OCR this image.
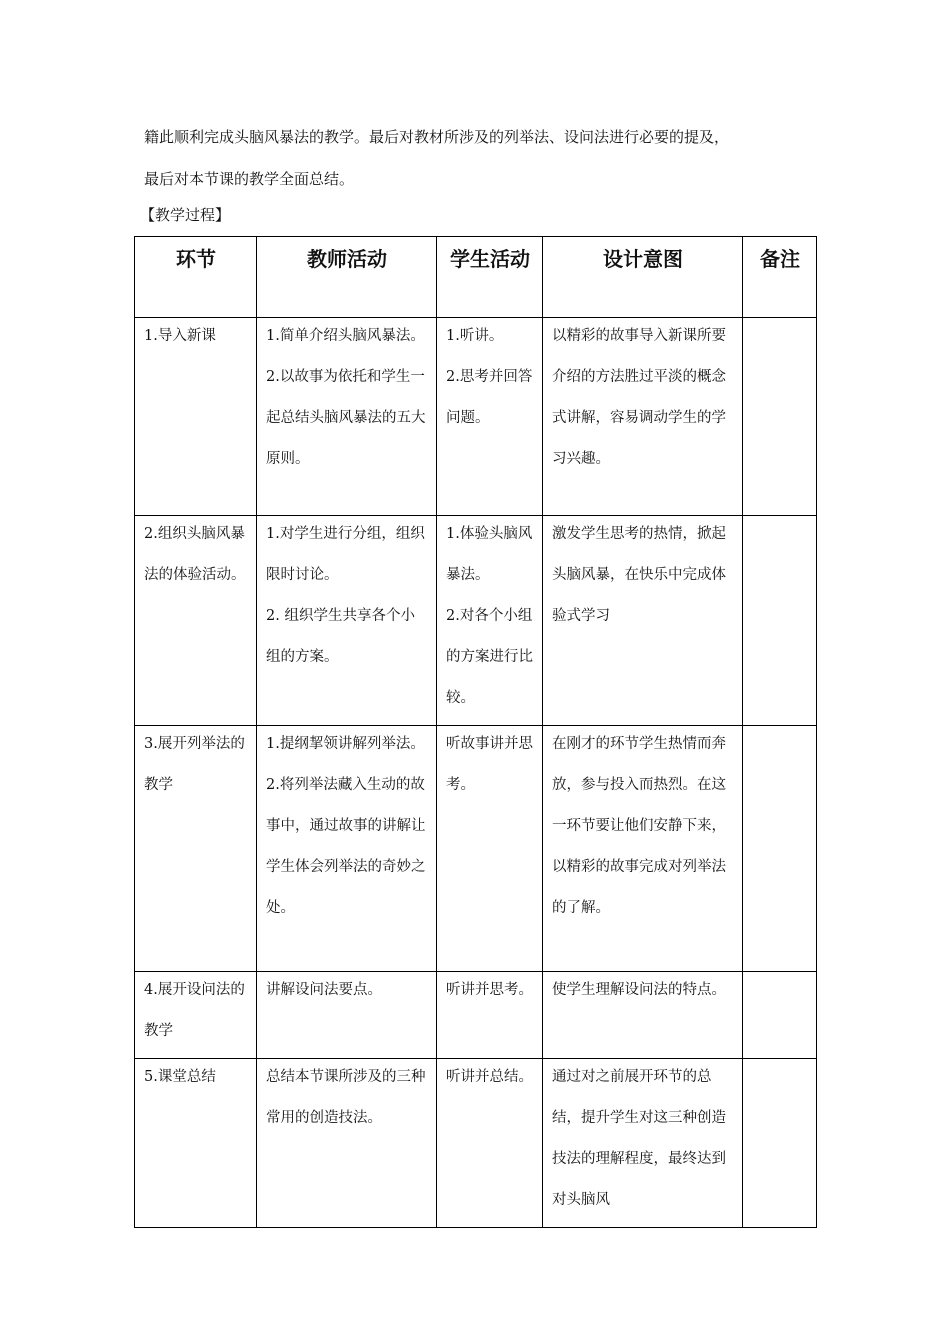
籍此顺利完成头脑风暴法的教学。最后对教材所涉及的列举法、设问法进行必要的提及，
最后对本节课的教学全面总结。
【教学过程】
环节	教师活动	学生活动	设计意图	备注

1.导入新课	1.简单介绍头脑风暴法。
2.以故事为依托和学生一起总结头脑风暴法的五大原则。	1.听讲。
2.思考并回答问题。	以精彩的故事导入新课所要介绍的方法胜过平淡的概念式讲解，容易调动学生的学习兴趣。	

2.组织头脑风暴法的体验活动。	1.对学生进行分组，组织限时讨论。
2. 组织学生共享各个小组的方案。	1.体验头脑风暴法。
2.对各个小组的方案进行比较。	激发学生思考的热情，掀起头脑风暴，在快乐中完成体验式学习	

3.展开列举法的教学	1.提纲挈领讲解列举法。
2.将列举法藏入生动的故事中，通过故事的讲解让学生体会列举法的奇妙之处。	听故事讲并思考。	在刚才的环节学生热情而奔放，参与投入而热烈。在这一环节要让他们安静下来，以精彩的故事完成对列举法的了解。	

4.展开设问法的教学	讲解设问法要点。	听讲并思考。	使学生理解设问法的特点。	

5.课堂总结	总结本节课所涉及的三种常用的创造技法。	听讲并总结。	通过对之前展开环节的总结，提升学生对这三种创造技法的理解程度，最终达到对头脑风	
